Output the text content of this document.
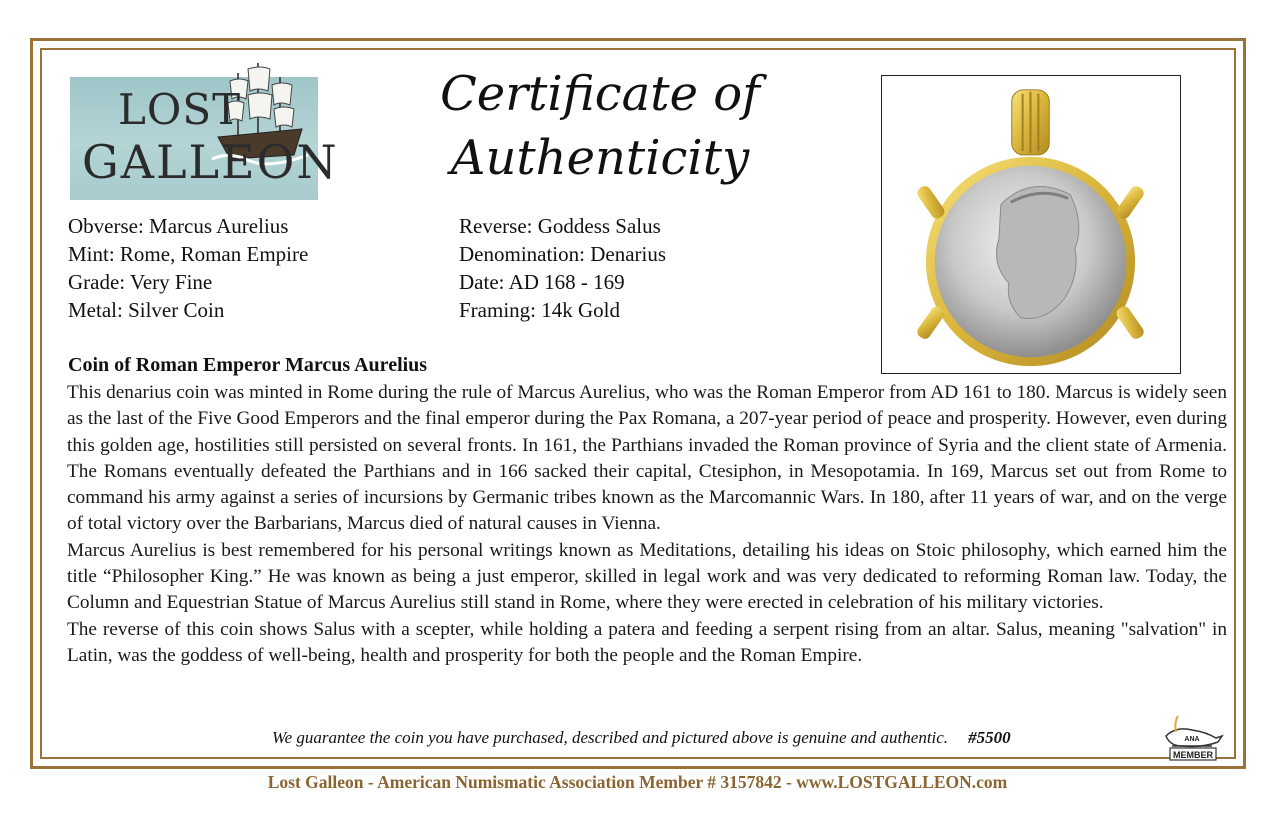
LOST
GALLEON
Certificate of
Authenticity
Obverse: Marcus Aurelius
Mint: Rome, Roman Empire
Grade: Very Fine
Metal: Silver Coin
Reverse: Goddess Salus
Denomination: Denarius
Date: AD 168 - 169
Framing: 14k Gold
Coin of Roman Emperor Marcus Aurelius

This denarius coin was minted in Rome during the rule of Marcus Aurelius, who was the Roman Emperor from AD 161 to 180. Marcus is widely seen as the last of the Five Good Emperors and the final emperor during the Pax Romana, a 207-year period of peace and prosperity. However, even during this golden age, hostilities still persisted on several fronts. In 161, the Parthians invaded the Roman province of Syria and the client state of Armenia. The Romans eventually defeated the Parthians and in 166 sacked their capital, Ctesiphon, in Mesopotamia. In 169, Marcus set out from Rome to command his army against a series of incursions by Germanic tribes known as the Marcomannic Wars. In 180, after 11 years of war, and on the verge of total victory over the Barbarians, Marcus died of natural causes in Vienna.

Marcus Aurelius is best remembered for his personal writings known as Meditations, detailing his ideas on Stoic philosophy, which earned him the title “Philosopher King.” He was known as being a just emperor, skilled in legal work and was very dedicated to reforming Roman law. Today, the Column and Equestrian Statue of Marcus Aurelius still stand in Rome, where they were erected in celebration of his military victories.

The reverse of this coin shows Salus with a scepter, while holding a patera and feeding a serpent rising from an altar. Salus, meaning "salvation" in Latin, was the goddess of well-being, health and prosperity for both the people and the Roman Empire.

We guarantee the coin you have purchased, described and pictured above is genuine and authentic. #5500
MEMBER
ANA
Lost Galleon - American Numismatic Association Member # 3157842 - www.LOSTGALLEON.com
